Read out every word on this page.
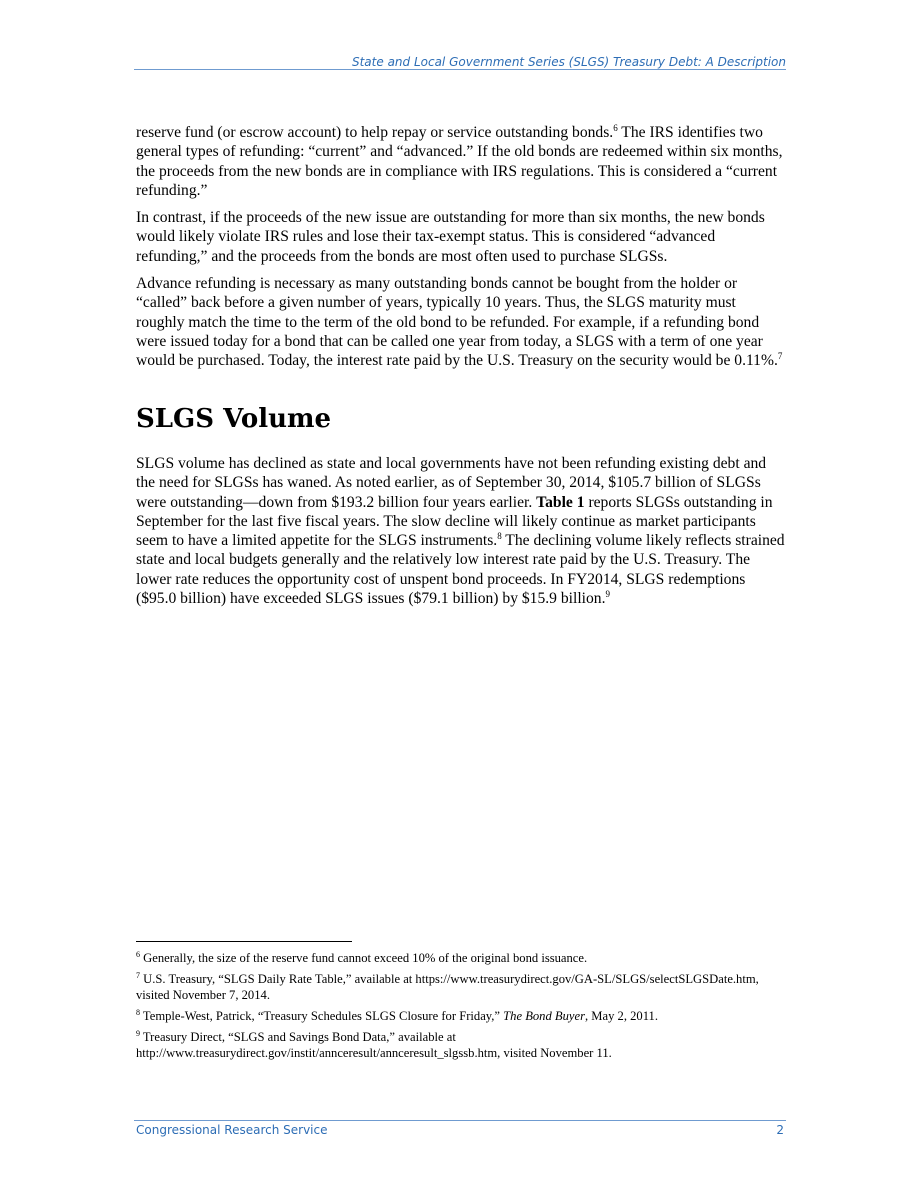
State and Local Government Series (SLGS) Treasury Debt: A Description

reserve fund (or escrow account) to help repay or service outstanding bonds.$^6$ The IRS identifies two general types of refunding: “current” and “advanced.” If the old bonds are redeemed within six months, the proceeds from the new bonds are in compliance with IRS regulations. This is considered a “current refunding.”

In contrast, if the proceeds of the new issue are outstanding for more than six months, the new bonds would likely violate IRS rules and lose their tax-exempt status. This is considered “advanced refunding,” and the proceeds from the bonds are most often used to purchase SLGSs.

Advance refunding is necessary as many outstanding bonds cannot be bought from the holder or “called” back before a given number of years, typically 10 years. Thus, the SLGS maturity must roughly match the time to the term of the old bond to be refunded. For example, if a refunding bond were issued today for a bond that can be called one year from today, a SLGS with a term of one year would be purchased. Today, the interest rate paid by the U.S. Treasury on the security would be 0.11%.$^7$

SLGS Volume

SLGS volume has declined as state and local governments have not been refunding existing debt and the need for SLGSs has waned. As noted earlier, as of September 30, 2014, $105.7 billion of SLGSs were outstanding—down from $193.2 billion four years earlier. Table 1 reports SLGSs outstanding in September for the last five fiscal years. The slow decline will likely continue as market participants seem to have a limited appetite for the SLGS instruments.$^8$ The declining volume likely reflects strained state and local budgets generally and the relatively low interest rate paid by the U.S. Treasury. The lower rate reduces the opportunity cost of unspent bond proceeds. In FY2014, SLGS redemptions ($95.0 billion) have exceeded SLGS issues ($79.1 billion) by $15.9 billion.$^9$

$^6$ Generally, the size of the reserve fund cannot exceed 10% of the original bond issuance.

$^7$ U.S. Treasury, “SLGS Daily Rate Table,” available at https://www.treasurydirect.gov/GA-SL/SLGS/selectSLGSDate.htm, visited November 7, 2014.

$^8$ Temple-West, Patrick, “Treasury Schedules SLGS Closure for Friday,” The Bond Buyer, May 2, 2011.

$^9$ Treasury Direct, “SLGS and Savings Bond Data,” available at http://www.treasurydirect.gov/instit/annceresult/annceresult_slgssb.htm, visited November 11.

Congressional Research Service	2
